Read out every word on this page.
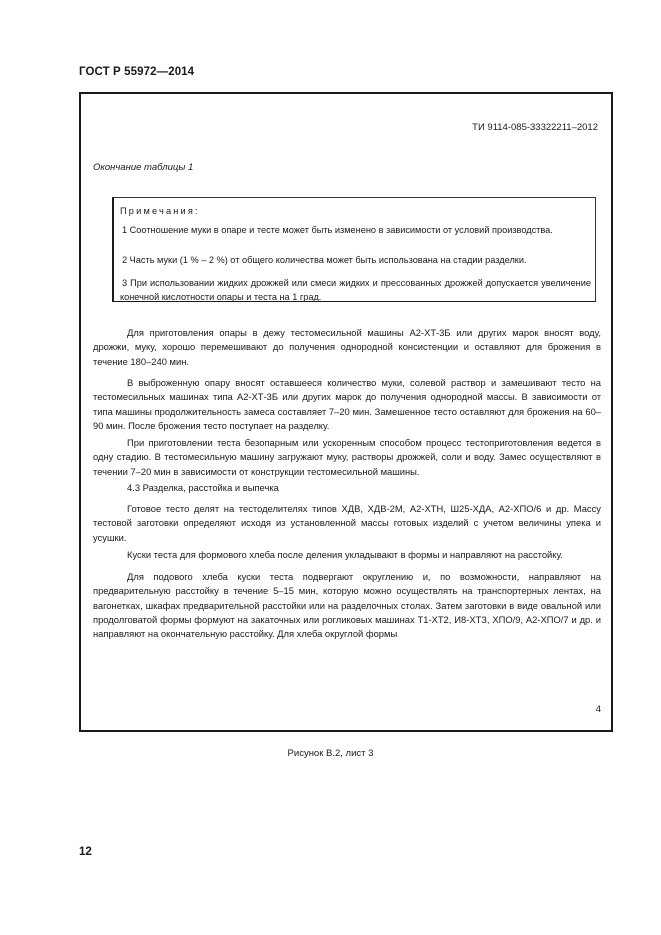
ГОСТ Р 55972—2014
ТИ 9114-085-33322211–2012
Окончание таблицы 1
Примечания:
1 Соотношение муки в опаре и тесте может быть изменено в зависимости от условий производства.
2 Часть муки (1 % – 2 %) от общего количества может быть использована на стадии разделки.
3 При использовании жидких дрожжей или смеси жидких и прессованных дрожжей допускается увеличение конечной кислотности опары и теста на 1 град.

Для приготовления опары в дежу тестомесильной машины А2-ХТ-3Б или других марок вносят воду, дрожжи, муку, хорошо перемешивают до получения однородной консистенции и оставляют для брожения в течение 180–240 мин.

В выброженную опару вносят оставшееся количество муки, солевой раствор и замешивают тесто на тестомесильных машинах типа А2-ХТ-3Б или других марок до получения однородной массы. В зависимости от типа машины продолжительность замеса составляет 7–20 мин. Замешенное тесто оставляют для брожения на 60–90 мин. После брожения тесто поступает на разделку.

При приготовлении теста безопарным или ускоренным способом процесс тестоприготовления ведется в одну стадию. В тестомесильную машину загружают муку, растворы дрожжей, соли и воду. Замес осуществляют в течении 7–20 мин в зависимости от конструкции тестомесильной машины.

4.3 Разделка, расстойка и выпечка

Готовое тесто делят на тестоделителях типов ХДВ, ХДВ-2М, А2-ХТН, Ш25-ХДА, А2-ХПО/6 и др. Массу тестовой заготовки определяют исходя из установленной массы готовых изделий с учетом величины упека и усушки.

Куски теста для формового хлеба после деления укладывают в формы и направляют на расстойку.

Для подового хлеба куски теста подвергают округлению и, по возможности, направляют на предварительную расстойку в течение 5–15 мин, которую можно осуществлять на транспортерных лентах, на вагонетках, шкафах предварительной расстойки или на разделочных столах. Затем заготовки в виде овальной или продолговатой формы формуют на закаточных или рогликовых машинах Т1-ХТ2, И8-ХТЗ, ХПО/9, А2-ХПО/7 и др. и направляют на окончательную расстойку. Для хлеба округлой формы

4
Рисунок В.2, лист 3
12
